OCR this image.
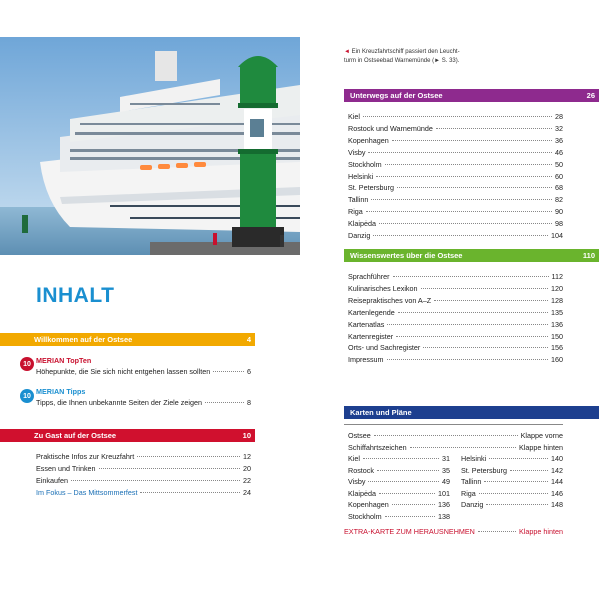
◄ Ein Kreuzfahrtschiff passiert den Leucht-
turm in Ostseebad Warnemünde (► S. 33).
INHALT
Willkommen auf der Ostsee	4
10 MERIAN TopTen
Höhepunkte, die Sie sich nicht entgehen lassen sollten	6
10 MERIAN Tipps
Tipps, die Ihnen unbekannte Seiten der Ziele zeigen	8
Zu Gast auf der Ostsee	10
Praktische Infos zur Kreuzfahrt	12
Essen und Trinken	20
Einkaufen	22
Im Fokus – Das Mittsommerfest	24
Unterwegs auf der Ostsee	26
Kiel	28
Rostock und Warnemünde	32
Kopenhagen	36
Visby	46
Stockholm	50
Helsinki	60
St. Petersburg	68
Tallinn	82
Riga	90
Klaipėda	98
Danzig	104
Wissenswertes über die Ostsee	110
Sprachführer	112
Kulinarisches Lexikon	120
Reisepraktisches von A–Z	128
Kartenlegende	135
Kartenatlas	136
Kartenregister	150
Orts- und Sachregister	156
Impressum	160
Karten und Pläne
Ostsee	Klappe vorne
Schiffahrtszeichen	Klappe hinten
Kiel	31
Rostock	35
Visby	49
Klaipėda	101
Kopenhagen	136
Stockholm	138
Helsinki	140
St. Petersburg	142
Tallinn	144
Riga	146
Danzig	148
EXTRA-KARTE ZUM HERAUSNEHMEN	Klappe hinten
